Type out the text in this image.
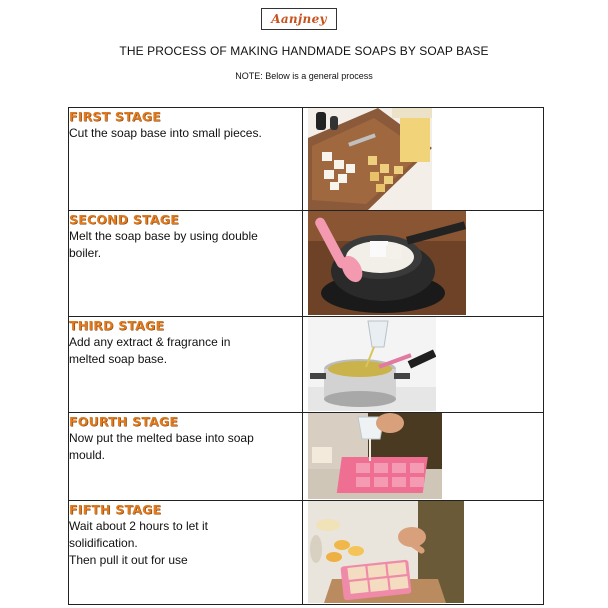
Aanjney
THE PROCESS OF MAKING HANDMADE SOAPS BY SOAP BASE
NOTE: Below is a general process
FIRST STAGE
Cut the soap base into small pieces.

SECOND STAGE
Melt the soap base by using double
boiler.

THIRD STAGE
Add any extract & fragrance in
melted soap base.

FOURTH STAGE
Now put the melted base into soap
mould.

FIFTH STAGE
Wait about 2 hours to let it
solidification.
Then pull it out for use
